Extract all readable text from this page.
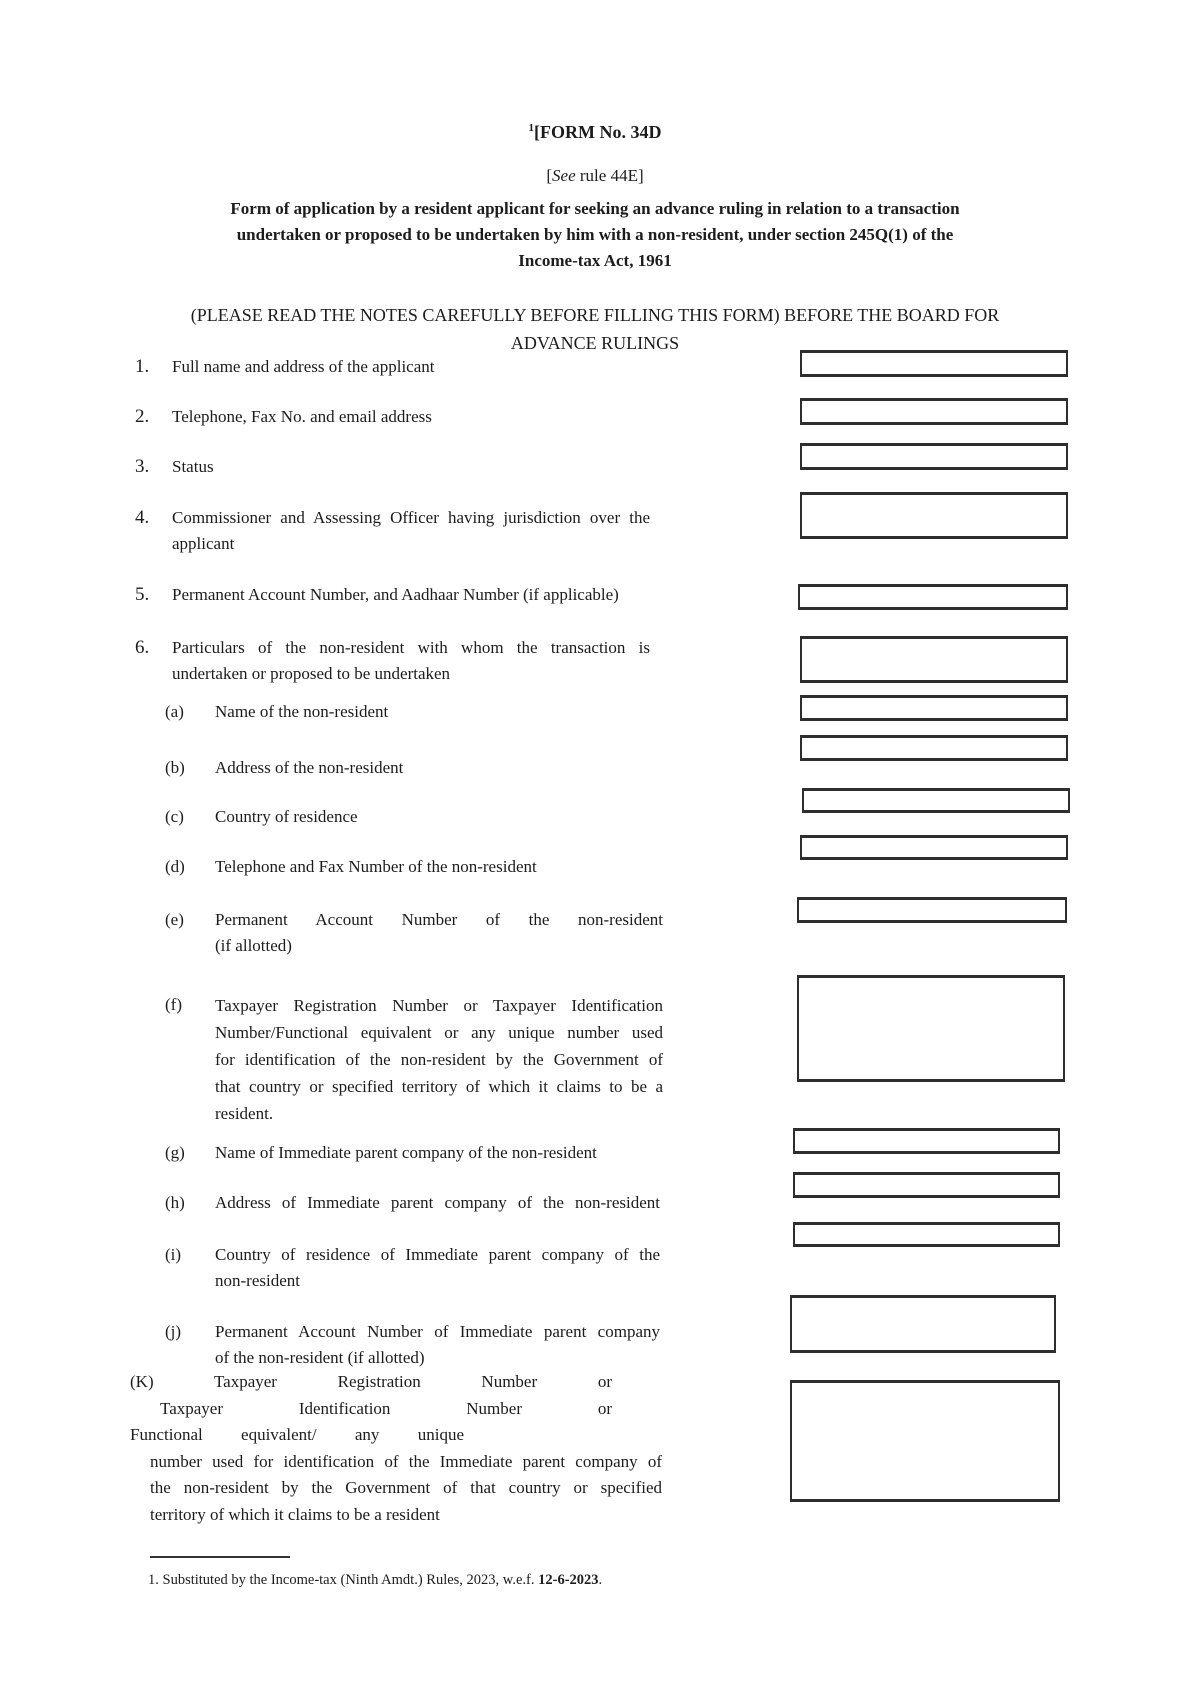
$^1$[FORM No. 34D
[See rule 44E]
Form of application by a resident applicant for seeking an advance ruling in relation to a transaction
undertaken or proposed to be undertaken by him with a non-resident, under section 245Q(1) of the
Income-tax Act, 1961
(PLEASE READ THE NOTES CAREFULLY BEFORE FILLING THIS FORM) BEFORE THE BOARD FOR
ADVANCE RULINGS
1. Full name and address of the applicant
2. Telephone, Fax No. and email address
3. Status
4. Commissioner and Assessing Officer having jurisdiction over the
applicant
5. Permanent Account Number, and Aadhaar Number (if applicable)
6. Particulars of the non-resident with whom the transaction is
undertaken or proposed to be undertaken
(a) Name of the non-resident
(b) Address of the non-resident
(c) Country of residence
(d) Telephone and Fax Number of the non-resident
(e) Permanent Account Number of the non-resident
(if allotted)
(f) Taxpayer Registration Number or Taxpayer Identification
Number/Functional equivalent or any unique number used
for identification of the non-resident by the Government of
that country or specified territory of which it claims to be a
resident.
(g) Name of Immediate parent company of the non-resident
(h) Address of Immediate parent company of the non-resident
(i) Country of residence of Immediate parent company of the
non-resident
(j) Permanent Account Number of Immediate parent company
of the non-resident (if allotted)
(K) Taxpayer Registration Number or
Taxpayer Identification Number or
Functional equivalent/ any unique
number used for identification of the Immediate parent company of
the non-resident by the Government of that country or specified
territory of which it claims to be a resident
1. Substituted by the Income-tax (Ninth Amdt.) Rules, 2023, w.e.f. 12-6-2023.
